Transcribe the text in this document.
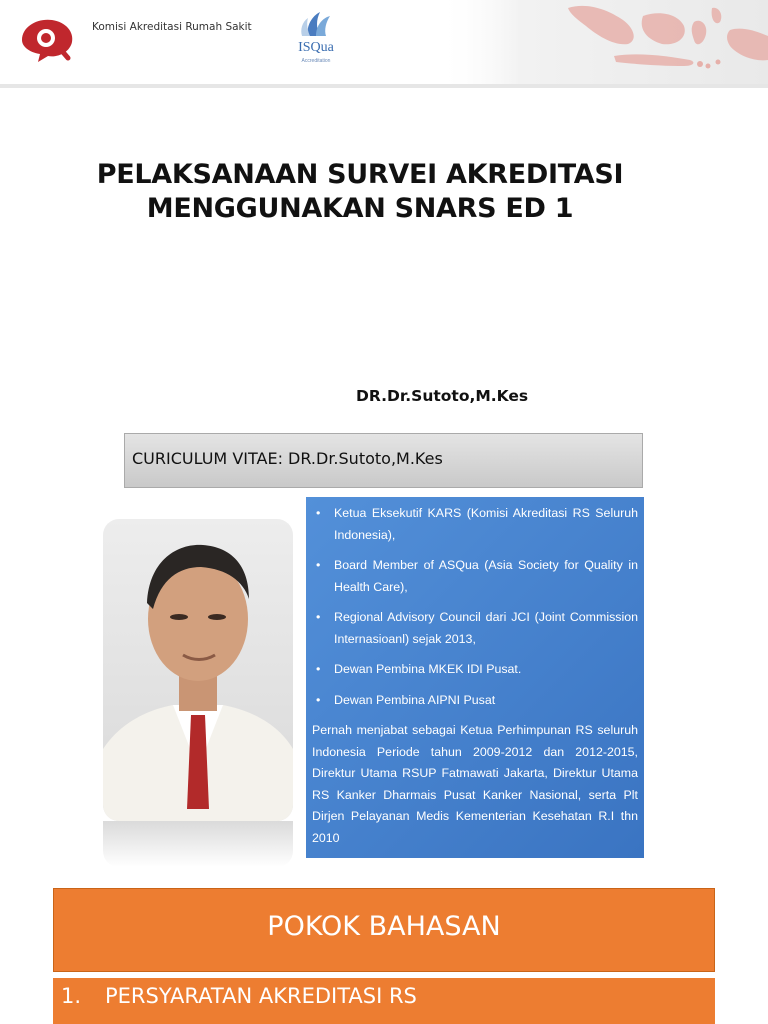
Komisi Akreditasi Rumah Sakit
ISQua
Accreditation
PELAKSANAAN SURVEI AKREDITASI
MENGGUNAKAN SNARS ED 1
DR.Dr.Sutoto,M.Kes
CURICULUM VITAE: DR.Dr.Sutoto,M.Kes
• Ketua Eksekutif KARS (Komisi Akreditasi RS Seluruh Indonesia),
• Board Member of ASQua (Asia Society for Quality in Health Care),
• Regional Advisory Council dari JCI (Joint Commission Internasioanl) sejak 2013,
• Dewan Pembina MKEK IDI Pusat.
• Dewan Pembina AIPNI Pusat

Pernah menjabat sebagai Ketua Perhimpunan RS seluruh Indonesia Periode tahun 2009-2012 dan 2012-2015, Direktur Utama RSUP Fatmawati Jakarta, Direktur Utama RS Kanker Dharmais Pusat Kanker Nasional, serta Plt Dirjen Pelayanan Medis Kementerian Kesehatan R.I thn 2010

POKOK BAHASAN
1. PERSYARATAN AKREDITASI RS
